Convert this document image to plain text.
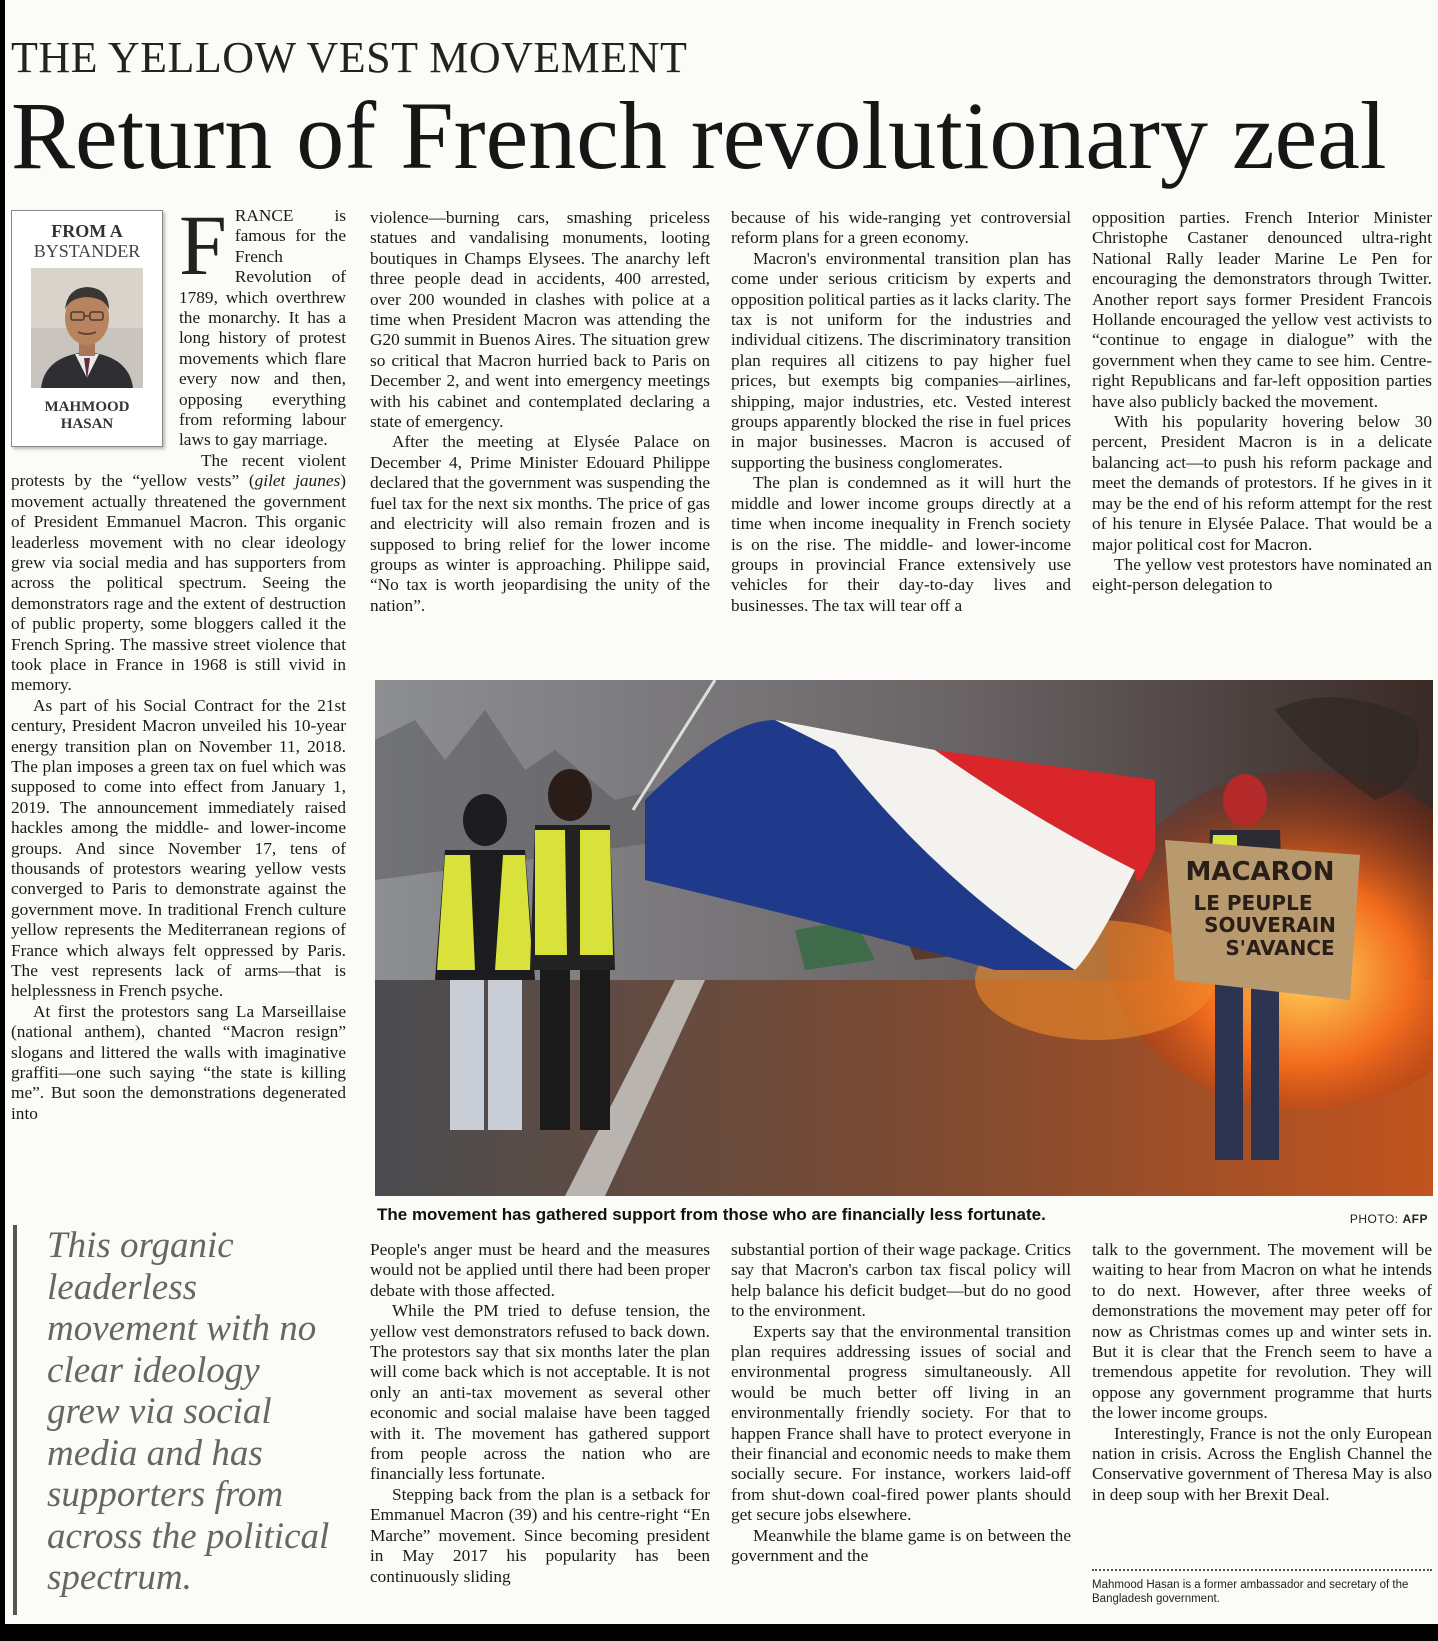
THE YELLOW VEST MOVEMENT
Return of French revolutionary zeal
FROM A
BYSTANDER
MAHMOOD
HASAN

FRANCE is famous for the French Revolution of 1789, which overthrew the monarchy. It has a long history of protest movements which flare every now and then, opposing everything from reforming labour laws to gay marriage.

The recent violent protests by the “yellow vests” (gilet jaunes) movement actually threatened the government of President Emmanuel Macron. This organic leaderless movement with no clear ideology grew via social media and has supporters from across the political spectrum. Seeing the demonstrators rage and the extent of destruction of public property, some bloggers called it the French Spring. The massive street violence that took place in France in 1968 is still vivid in memory.

As part of his Social Contract for the 21st century, President Macron unveiled his 10-year energy transition plan on November 11, 2018. The plan imposes a green tax on fuel which was supposed to come into effect from January 1, 2019. The announcement immediately raised hackles among the middle- and lower-income groups. And since November 17, tens of thousands of protestors wearing yellow vests converged to Paris to demonstrate against the government move. In traditional French culture yellow represents the Mediterranean regions of France which always felt oppressed by Paris. The vest represents lack of arms—that is helplessness in French psyche.

At first the protestors sang La Marseillaise (national anthem), chanted “Macron resign” slogans and littered the walls with imaginative graffiti—one such saying “the state is killing me”. But soon the demonstrations degenerated into

violence—burning cars, smashing priceless statues and vandalising monuments, looting boutiques in Champs Elysees. The anarchy left three people dead in accidents, 400 arrested, over 200 wounded in clashes with police at a time when President Macron was attending the G20 summit in Buenos Aires. The situation grew so critical that Macron hurried back to Paris on December 2, and went into emergency meetings with his cabinet and contemplated declaring a state of emergency.

After the meeting at Elysée Palace on December 4, Prime Minister Edouard Philippe declared that the government was suspending the fuel tax for the next six months. The price of gas and electricity will also remain frozen and is supposed to bring relief for the lower income groups as winter is approaching. Philippe said, “No tax is worth jeopardising the unity of the nation”.

because of his wide-ranging yet controversial reform plans for a green economy.

Macron's environmental transition plan has come under serious criticism by experts and opposition political parties as it lacks clarity. The tax is not uniform for the industries and individual citizens. The discriminatory transition plan requires all citizens to pay higher fuel prices, but exempts big companies—airlines, shipping, major industries, etc. Vested interest groups apparently blocked the rise in fuel prices in major businesses. Macron is accused of supporting the business conglomerates.

The plan is condemned as it will hurt the middle and lower income groups directly at a time when income inequality in French society is on the rise. The middle- and lower-income groups in provincial France extensively use vehicles for their day-to-day lives and businesses. The tax will tear off a

opposition parties. French Interior Minister Christophe Castaner denounced ultra-right National Rally leader Marine Le Pen for encouraging the demonstrators through Twitter. Another report says former President Francois Hollande encouraged the yellow vest activists to “continue to engage in dialogue” with the government when they came to see him. Centre-right Republicans and far-left opposition parties have also publicly backed the movement.

With his popularity hovering below 30 percent, President Macron is in a delicate balancing act—to push his reform package and meet the demands of protestors. If he gives in it may be the end of his reform attempt for the rest of his tenure in Elysée Palace. That would be a major political cost for Macron.

The yellow vest protestors have nominated an eight-person delegation to

MACARON
LE PEUPLE
SOUVERAIN
S'AVANCE
The movement has gathered support from those who are financially less fortunate.	PHOTO: AFP
This organic leaderless movement with no clear ideology grew via social media and has supporters from across the political spectrum.

People's anger must be heard and the measures would not be applied until there had been proper debate with those affected.

While the PM tried to defuse tension, the yellow vest demonstrators refused to back down. The protestors say that six months later the plan will come back which is not acceptable. It is not only an anti-tax movement as several other economic and social malaise have been tagged with it. The movement has gathered support from people across the nation who are financially less fortunate.

Stepping back from the plan is a setback for Emmanuel Macron (39) and his centre-right “En Marche” movement. Since becoming president in May 2017 his popularity has been continuously sliding

substantial portion of their wage package. Critics say that Macron's carbon tax fiscal policy will help balance his deficit budget—but do no good to the environment.

Experts say that the environmental transition plan requires addressing issues of social and environmental progress simultaneously. All would be much better off living in an environmentally friendly society. For that to happen France shall have to protect everyone in their financial and economic needs to make them socially secure. For instance, workers laid-off from shut-down coal-fired power plants should get secure jobs elsewhere.

Meanwhile the blame game is on between the government and the

talk to the government. The movement will be waiting to hear from Macron on what he intends to do next. However, after three weeks of demonstrations the movement may peter off for now as Christmas comes up and winter sets in. But it is clear that the French seem to have a tremendous appetite for revolution. They will oppose any government programme that hurts the lower income groups.

Interestingly, France is not the only European nation in crisis. Across the English Channel the Conservative government of Theresa May is also in deep soup with her Brexit Deal.

Mahmood Hasan is a former ambassador and secretary of the Bangladesh government.
